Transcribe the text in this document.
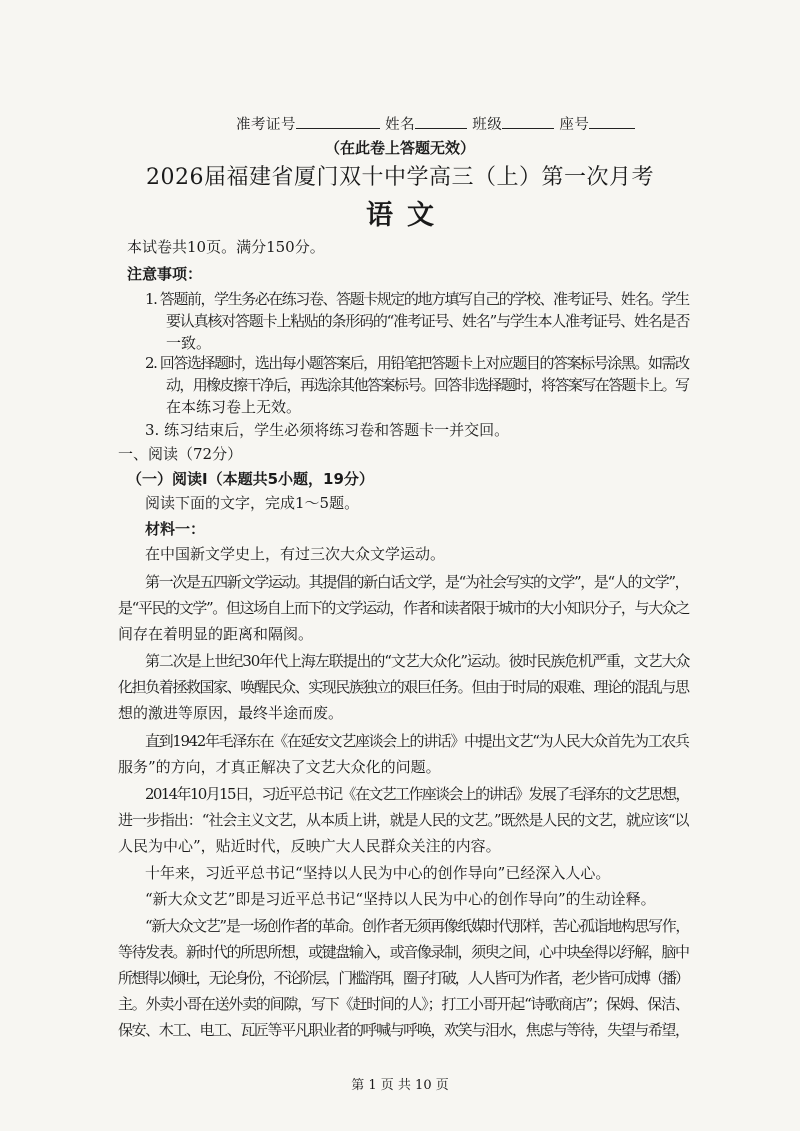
准考证号	姓名	班级	座号
（在此卷上答题无效）
2026届福建省厦门双十中学高三（上）第一次月考
语文
本试卷共10页。满分150分。
注意事项：
1. 答题前，学生务必在练习卷、答题卡规定的地方填写自己的学校、准考证号、姓名。学生
要认真核对答题卡上粘贴的条形码的“准考证号、姓名”与学生本人准考证号、姓名是否
一致。
2. 回答选择题时，选出每小题答案后，用铅笔把答题卡上对应题目的答案标号涂黑。如需改
动，用橡皮擦干净后，再选涂其他答案标号。回答非选择题时，将答案写在答题卡上。写
在本练习卷上无效。
3. 练习结束后，学生必须将练习卷和答题卡一并交回。
一、阅读（72分）
（一）阅读Ⅰ（本题共5小题，19分）
阅读下面的文字，完成1～5题。
材料一：
在中国新文学史上，有过三次大众文学运动。
第一次是五四新文学运动。其提倡的新白话文学，是“为社会写实的文学”，是“人的文学”，
是“平民的文学”。但这场自上而下的文学运动，作者和读者限于城市的大小知识分子，与大众之
间存在着明显的距离和隔阂。
第二次是上世纪30年代上海左联提出的“文艺大众化”运动。彼时民族危机严重，文艺大众
化担负着拯救国家、唤醒民众、实现民族独立的艰巨任务。但由于时局的艰难、理论的混乱与思
想的激进等原因，最终半途而废。
直到1942年毛泽东在《在延安文艺座谈会上的讲话》中提出文艺“为人民大众首先为工农兵
服务”的方向，才真正解决了文艺大众化的问题。
2014年10月15日，习近平总书记《在文艺工作座谈会上的讲话》发展了毛泽东的文艺思想，
进一步指出：“社会主义文艺，从本质上讲，就是人民的文艺。”既然是人民的文艺，就应该“以
人民为中心”，贴近时代，反映广大人民群众关注的内容。
十年来，习近平总书记“坚持以人民为中心的创作导向”已经深入人心。
“新大众文艺”即是习近平总书记“坚持以人民为中心的创作导向”的生动诠释。
“新大众文艺”是一场创作者的革命。创作者无须再像纸媒时代那样，苦心孤诣地构思写作，
等待发表。新时代的所思所想，或键盘输入，或音像录制，须臾之间，心中块垒得以纾解，脑中
所想得以倾吐，无论身份，不论阶层，门槛消弭，圈子打破，人人皆可为作者，老少皆可成博（播）
主。外卖小哥在送外卖的间隙，写下《赶时间的人》；打工小哥开起“诗歌商店”；保姆、保洁、
保安、木工、电工、瓦匠等平凡职业者的呼喊与呼唤，欢笑与泪水，焦虑与等待，失望与希望，
第 1 页 共 10 页
